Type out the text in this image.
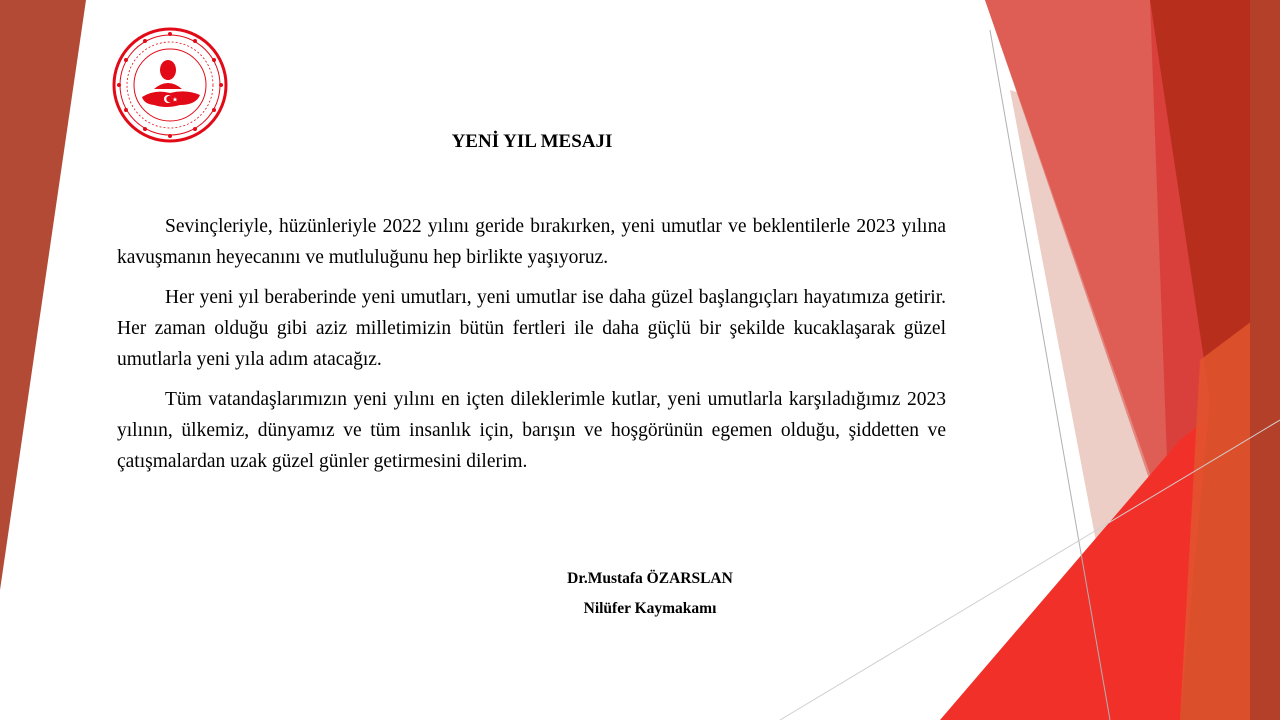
YENİ YIL MESAJI

Sevinçleriyle, hüzünleriyle 2022 yılını geride bırakırken, yeni umutlar ve beklentilerle 2023 yılına kavuşmanın heyecanını ve mutluluğunu hep birlikte yaşıyoruz.

Her yeni yıl beraberinde yeni umutları, yeni umutlar ise daha güzel başlangıçları hayatımıza getirir. Her zaman olduğu gibi aziz milletimizin bütün fertleri ile daha güçlü bir şekilde kucaklaşarak güzel umutlarla yeni yıla adım atacağız.

Tüm vatandaşlarımızın yeni yılını en içten dileklerimle kutlar, yeni umutlarla karşıladığımız 2023 yılının, ülkemiz, dünyamız ve tüm insanlık için, barışın ve hoşgörünün egemen olduğu, şiddetten ve çatışmalardan uzak güzel günler getirmesini dilerim.

Dr.Mustafa ÖZARSLAN
Nilüfer Kaymakamı
